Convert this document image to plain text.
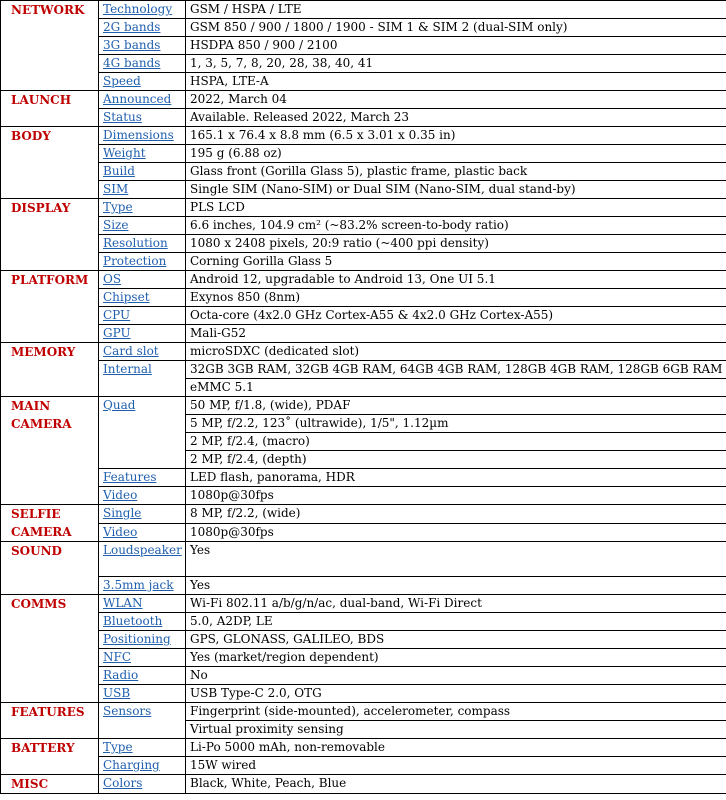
NETWORK	Technology	GSM / HSPA / LTE
	2G bands	GSM 850 / 900 / 1800 / 1900 - SIM 1 & SIM 2 (dual-SIM only)
	3G bands	HSDPA 850 / 900 / 2100
	4G bands	1, 3, 5, 7, 8, 20, 28, 38, 40, 41
	Speed	HSPA, LTE-A
LAUNCH	Announced	2022, March 04
	Status	Available. Released 2022, March 23
BODY	Dimensions	165.1 x 76.4 x 8.8 mm (6.5 x 3.01 x 0.35 in)
	Weight	195 g (6.88 oz)
	Build	Glass front (Gorilla Glass 5), plastic frame, plastic back
	SIM	Single SIM (Nano-SIM) or Dual SIM (Nano-SIM, dual stand-by)
DISPLAY	Type	PLS LCD
	Size	6.6 inches, 104.9 cm² (~83.2% screen-to-body ratio)
	Resolution	1080 x 2408 pixels, 20:9 ratio (~400 ppi density)
	Protection	Corning Gorilla Glass 5
PLATFORM	OS	Android 12, upgradable to Android 13, One UI 5.1
	Chipset	Exynos 850 (8nm)
	CPU	Octa-core (4x2.0 GHz Cortex-A55 & 4x2.0 GHz Cortex-A55)
	GPU	Mali-G52
MEMORY	Card slot	microSDXC (dedicated slot)
	Internal	32GB 3GB RAM, 32GB 4GB RAM, 64GB 4GB RAM, 128GB 4GB RAM, 128GB 6GB RAM
		eMMC 5.1
MAIN CAMERA	Quad	50 MP, f/1.8, (wide), PDAF
		5 MP, f/2.2, 123˚ (ultrawide), 1/5", 1.12µm
		2 MP, f/2.4, (macro)
		2 MP, f/2.4, (depth)
	Features	LED flash, panorama, HDR
	Video	1080p@30fps
SELFIE CAMERA	Single	8 MP, f/2.2, (wide)
	Video	1080p@30fps
SOUND	Loudspeaker	Yes
	3.5mm jack	Yes
COMMS	WLAN	Wi-Fi 802.11 a/b/g/n/ac, dual-band, Wi-Fi Direct
	Bluetooth	5.0, A2DP, LE
	Positioning	GPS, GLONASS, GALILEO, BDS
	NFC	Yes (market/region dependent)
	Radio	No
	USB	USB Type-C 2.0, OTG
FEATURES	Sensors	Fingerprint (side-mounted), accelerometer, compass
		Virtual proximity sensing
BATTERY	Type	Li-Po 5000 mAh, non-removable
	Charging	15W wired
MISC	Colors	Black, White, Peach, Blue
